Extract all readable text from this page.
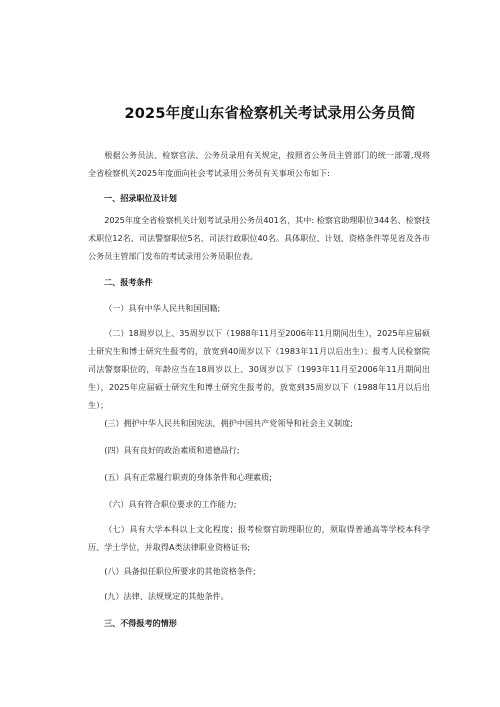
2025年度山东省检察机关考试录用公务员简
根据公务员法、检察官法、公务员录用有关规定，按照省公务员主管部门的统一部署,现将全省检察机关2025年度面向社会考试录用公务员有关事项公布如下:
一、招录职位及计划
2025年度全省检察机关计划考试录用公务员401名，其中: 检察官助理职位344名、检察技术职位12名、司法警察职位5名、司法行政职位40名。具体职位、计划、资格条件等见省及各市公务员主管部门发布的考试录用公务员职位表。
二、报考条件
（一）具有中华人民共和国国籍;
（二）18周岁以上、35周岁以下（1988年11月至2006年11月期间出生），2025年应届硕士研究生和博士研究生报考的，放宽到40周岁以下（1983年11月以后出生）；报考人民检察院司法警察职位的，年龄应当在18周岁以上、30周岁以下（1993年11月至2006年11月期间出生），2025年应届硕士研究生和博士研究生报考的，放宽到35周岁以下（1988年11月以后出生）；
(三）拥护中华人民共和国宪法，拥护中国共产党领导和社会主义制度;
(四）具有良好的政治素质和道德品行;
(五）具有正常履行职责的身体条件和心理素质;
（六）具有符合职位要求的工作能力;
（七）具有大学本科以上文化程度；报考检察官助理职位的，须取得普通高等学校本科学历、学士学位，并取得A类法律职业资格证书;
(八）具备拟任职位所要求的其他资格条件;
(九）法律、法规规定的其他条件。
三、不得报考的情形
